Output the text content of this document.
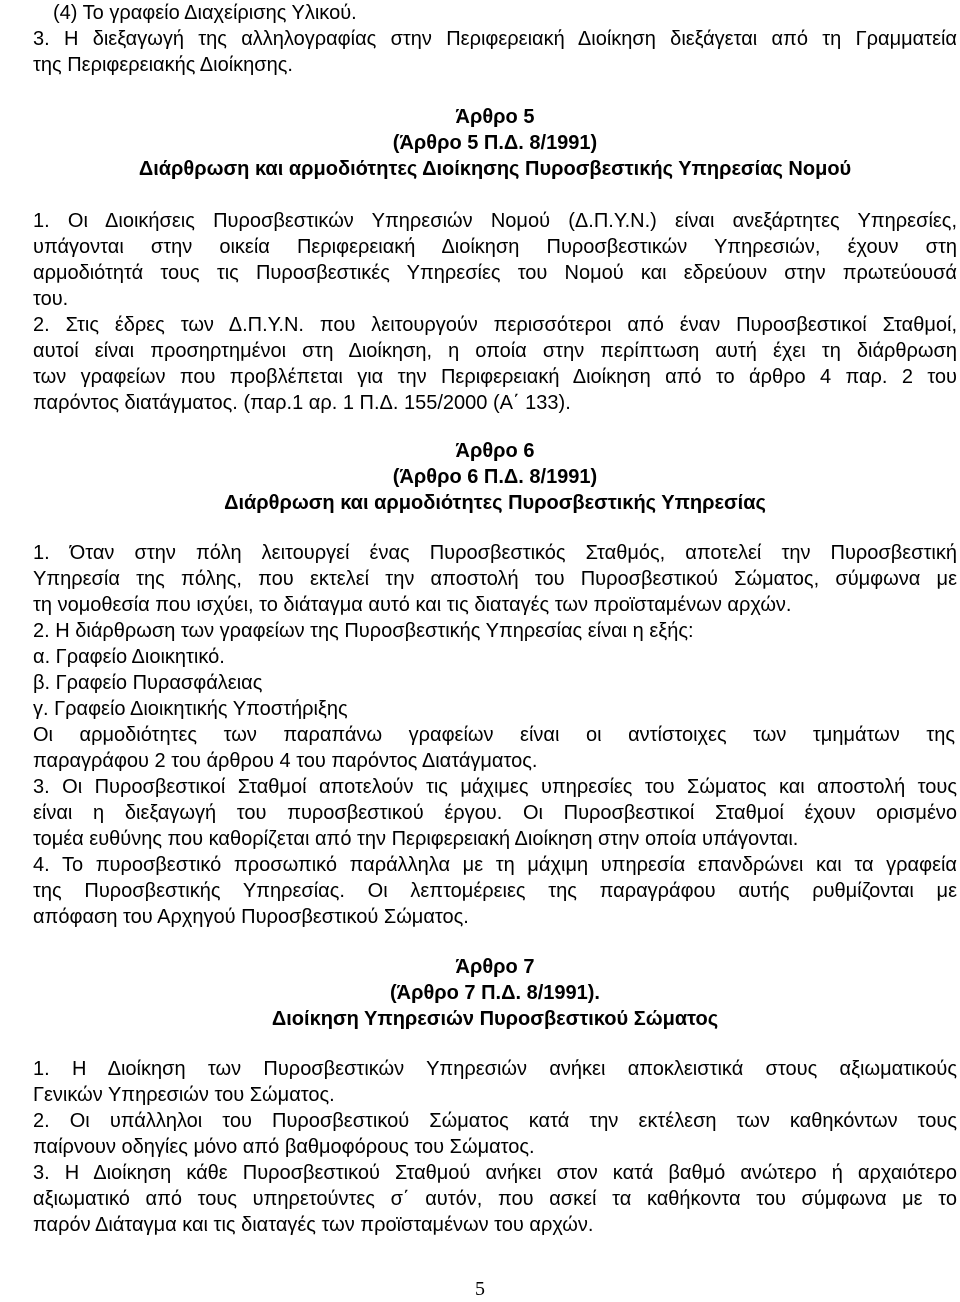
(4) Το γραφείο Διαχείρισης Υλικού.

3. Η διεξαγωγή της αλληλογραφίας στην Περιφερειακή Διοίκηση διεξάγεται από τη Γραμματεία

της Περιφερειακής Διοίκησης.

Άρθρο 5

(Άρθρο 5 Π.Δ. 8/1991)

Διάρθρωση και αρμοδιότητες Διοίκησης Πυροσβεστικής Υπηρεσίας Νομού

1. Οι Διοικήσεις Πυροσβεστικών Υπηρεσιών Νομού (Δ.Π.Υ.Ν.) είναι ανεξάρτητες Υπηρεσίες,

υπάγονται στην οικεία Περιφερειακή Διοίκηση Πυροσβεστικών Υπηρεσιών, έχουν στη

αρμοδιότητά τους τις Πυροσβεστικές Υπηρεσίες του Νομού και εδρεύουν στην πρωτεύουσά

του.

2. Στις έδρες των Δ.Π.Υ.Ν. που λειτουργούν περισσότεροι από έναν Πυροσβεστικοί Σταθμοί,

αυτοί είναι προσηρτημένοι στη Διοίκηση, η οποία στην περίπτωση αυτή έχει τη διάρθρωση

των γραφείων που προβλέπεται για την Περιφερειακή Διοίκηση από το άρθρο 4 παρ. 2 του

παρόντος διατάγματος. (παρ.1 αρ. 1 Π.Δ. 155/2000 (Α΄ 133).

Άρθρο 6

(Άρθρο 6 Π.Δ. 8/1991)

Διάρθρωση και αρμοδιότητες Πυροσβεστικής Υπηρεσίας

1. Όταν στην πόλη λειτουργεί ένας Πυροσβεστικός Σταθμός, αποτελεί την Πυροσβεστική

Υπηρεσία της πόλης, που εκτελεί την αποστολή του Πυροσβεστικού Σώματος, σύμφωνα με

τη νομοθεσία που ισχύει, το διάταγμα αυτό και τις διαταγές των προϊσταμένων αρχών.

2. Η διάρθρωση των γραφείων της Πυροσβεστικής Υπηρεσίας είναι η εξής:

α. Γραφείο Διοικητικό.

β. Γραφείο Πυρασφάλειας

γ. Γραφείο Διοικητικής Υποστήριξης

Οι αρμοδιότητες των παραπάνω γραφείων είναι οι αντίστοιχες των τμημάτων της

παραγράφου 2 του άρθρου 4 του παρόντος Διατάγματος.

3. Οι Πυροσβεστικοί Σταθμοί αποτελούν τις μάχιμες υπηρεσίες του Σώματος και αποστολή τους

είναι η διεξαγωγή του πυροσβεστικού έργου. Οι Πυροσβεστικοί Σταθμοί έχουν ορισμένο

τομέα ευθύνης που καθορίζεται από την Περιφερειακή Διοίκηση στην οποία υπάγονται.

4. Το πυροσβεστικό προσωπικό παράλληλα με τη μάχιμη υπηρεσία επανδρώνει και τα γραφεία

της Πυροσβεστικής Υπηρεσίας. Οι λεπτομέρειες της παραγράφου αυτής ρυθμίζονται με

απόφαση του Αρχηγού Πυροσβεστικού Σώματος.

Άρθρο 7

(Άρθρο 7 Π.Δ. 8/1991).

Διοίκηση Υπηρεσιών Πυροσβεστικού Σώματος

1. Η Διοίκηση των Πυροσβεστικών Υπηρεσιών ανήκει αποκλειστικά στους αξιωματικούς

Γενικών Υπηρεσιών του Σώματος.

2. Οι υπάλληλοι του Πυροσβεστικού Σώματος κατά την εκτέλεση των καθηκόντων τους

παίρνουν οδηγίες μόνο από βαθμοφόρους του Σώματος.

3. Η Διοίκηση κάθε Πυροσβεστικού Σταθμού ανήκει στον κατά βαθμό ανώτερο ή αρχαιότερο

αξιωματικό από τους υπηρετούντες σ΄ αυτόν, που ασκεί τα καθήκοντα του σύμφωνα με το

παρόν Διάταγμα και τις διαταγές των προϊσταμένων του αρχών.

5
